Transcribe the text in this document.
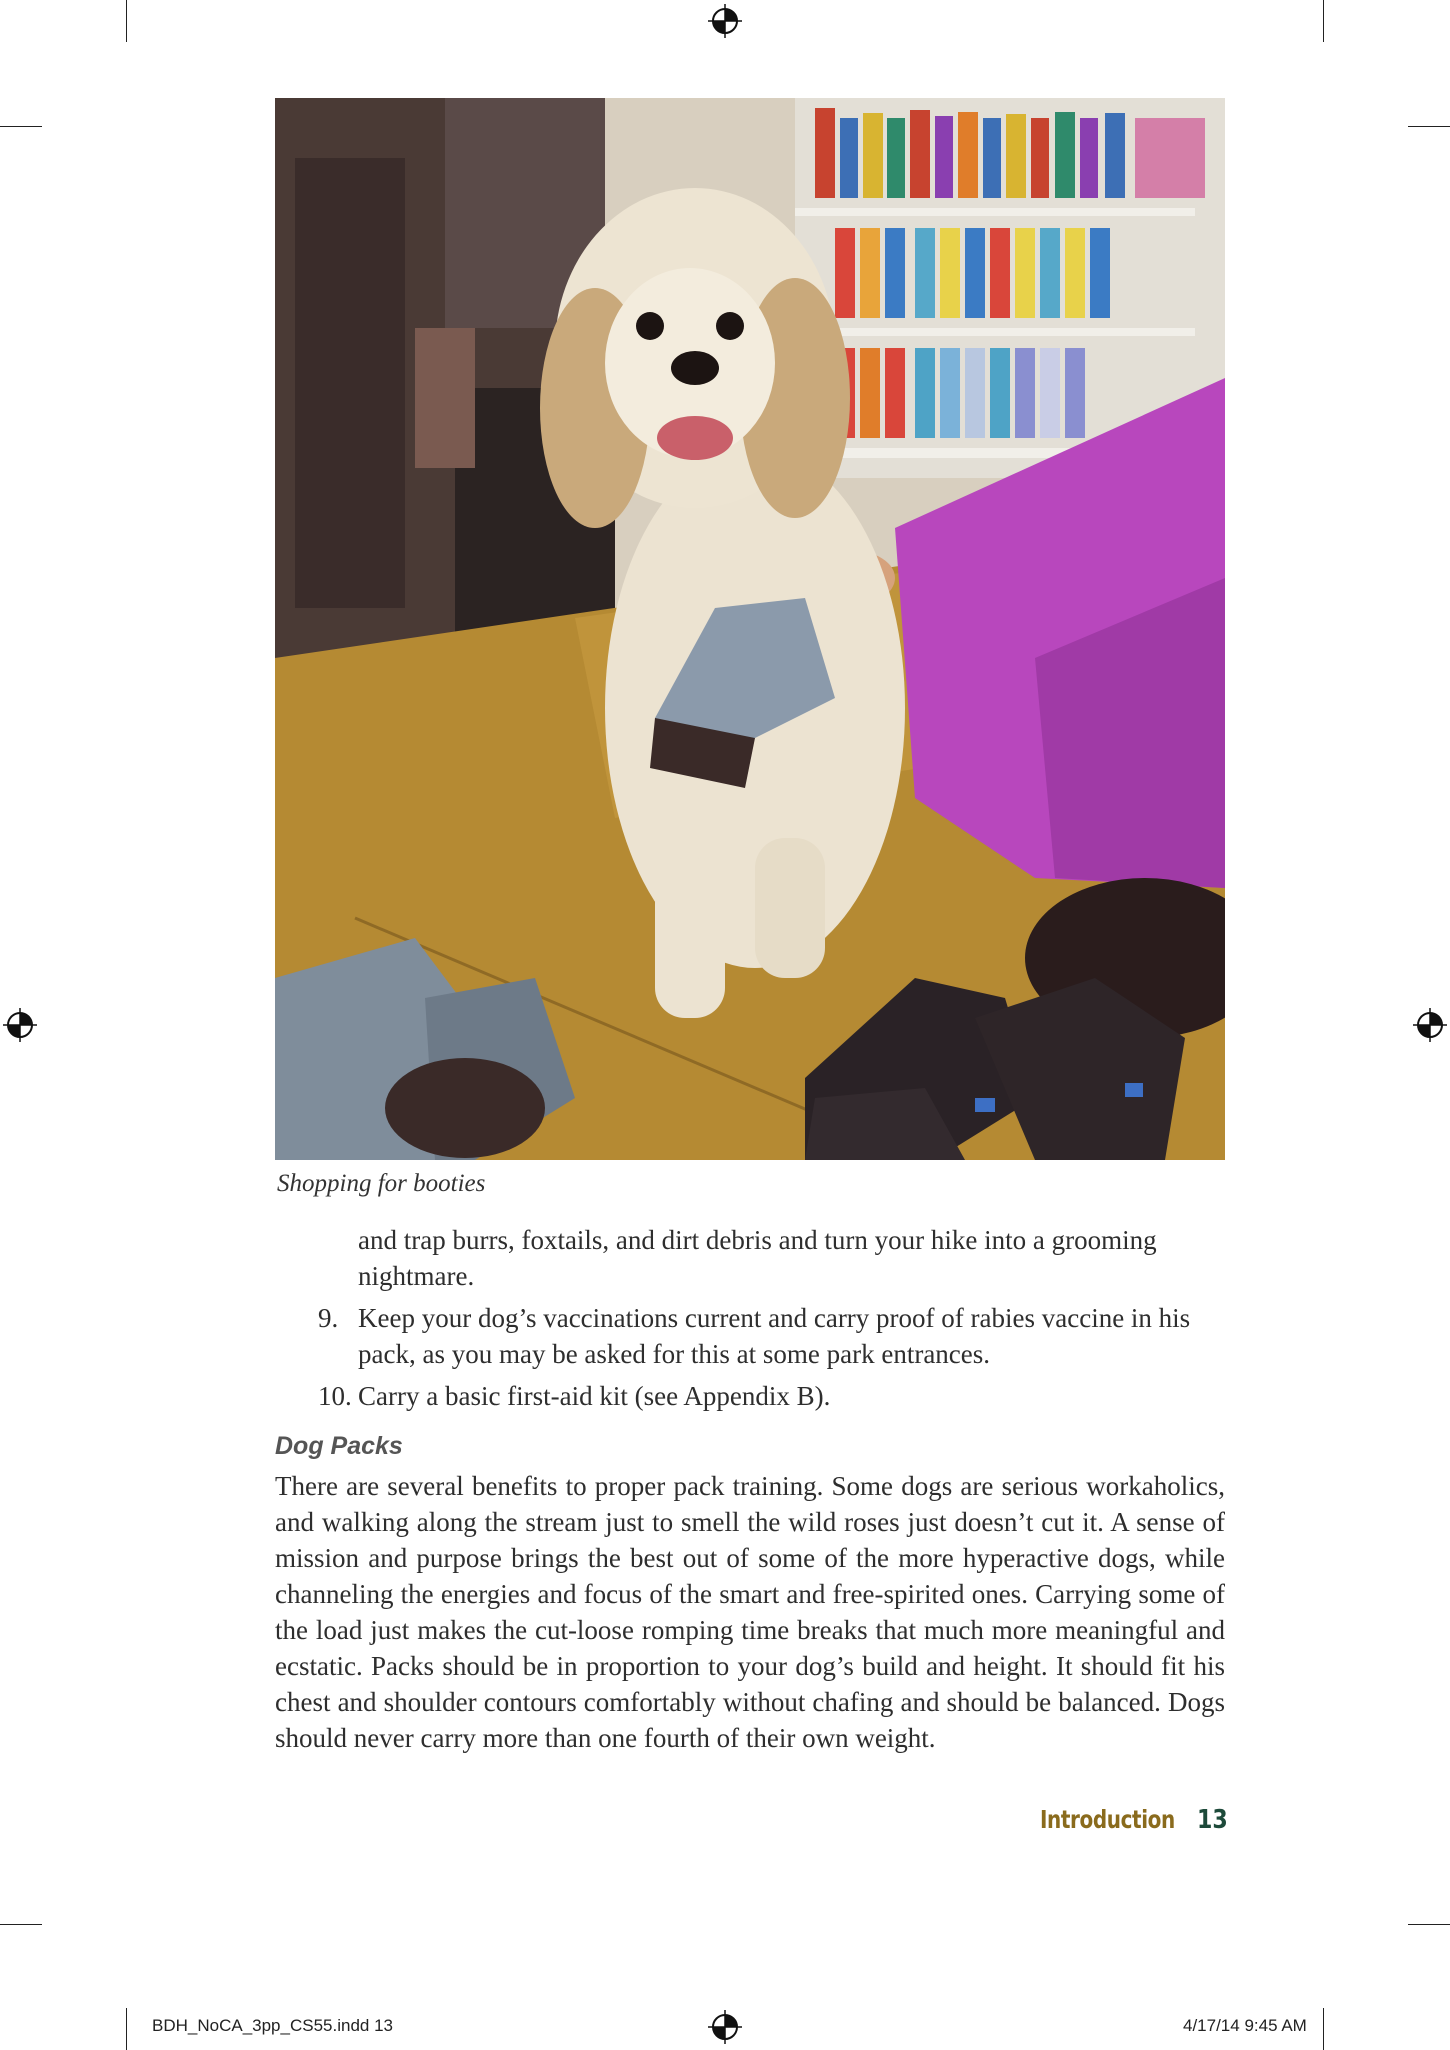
Shopping for booties
and trap burrs, foxtails, and dirt debris and turn your hike into a grooming nightmare.
9. Keep your dog’s vaccinations current and carry proof of rabies vaccine in his pack, as you may be asked for this at some park entrances.
10. Carry a basic first-aid kit (see Appendix B).
Dog Packs
There are several benefits to proper pack training. Some dogs are serious workaholics, and walking along the stream just to smell the wild roses just doesn’t cut it. A sense of mission and purpose brings the best out of some of the more hyperactive dogs, while channeling the energies and focus of the smart and free-spirited ones. Carrying some of the load just makes the cut-loose romping time breaks that much more meaningful and ecstatic. Packs should be in proportion to your dog’s build and height. It should fit his chest and shoulder contours comfortably without chafing and should be balanced. Dogs should never carry more than one fourth of their own weight.
Introduction 13
BDH_NoCA_3pp_CS55.indd 13	4/17/14 9:45 AM
